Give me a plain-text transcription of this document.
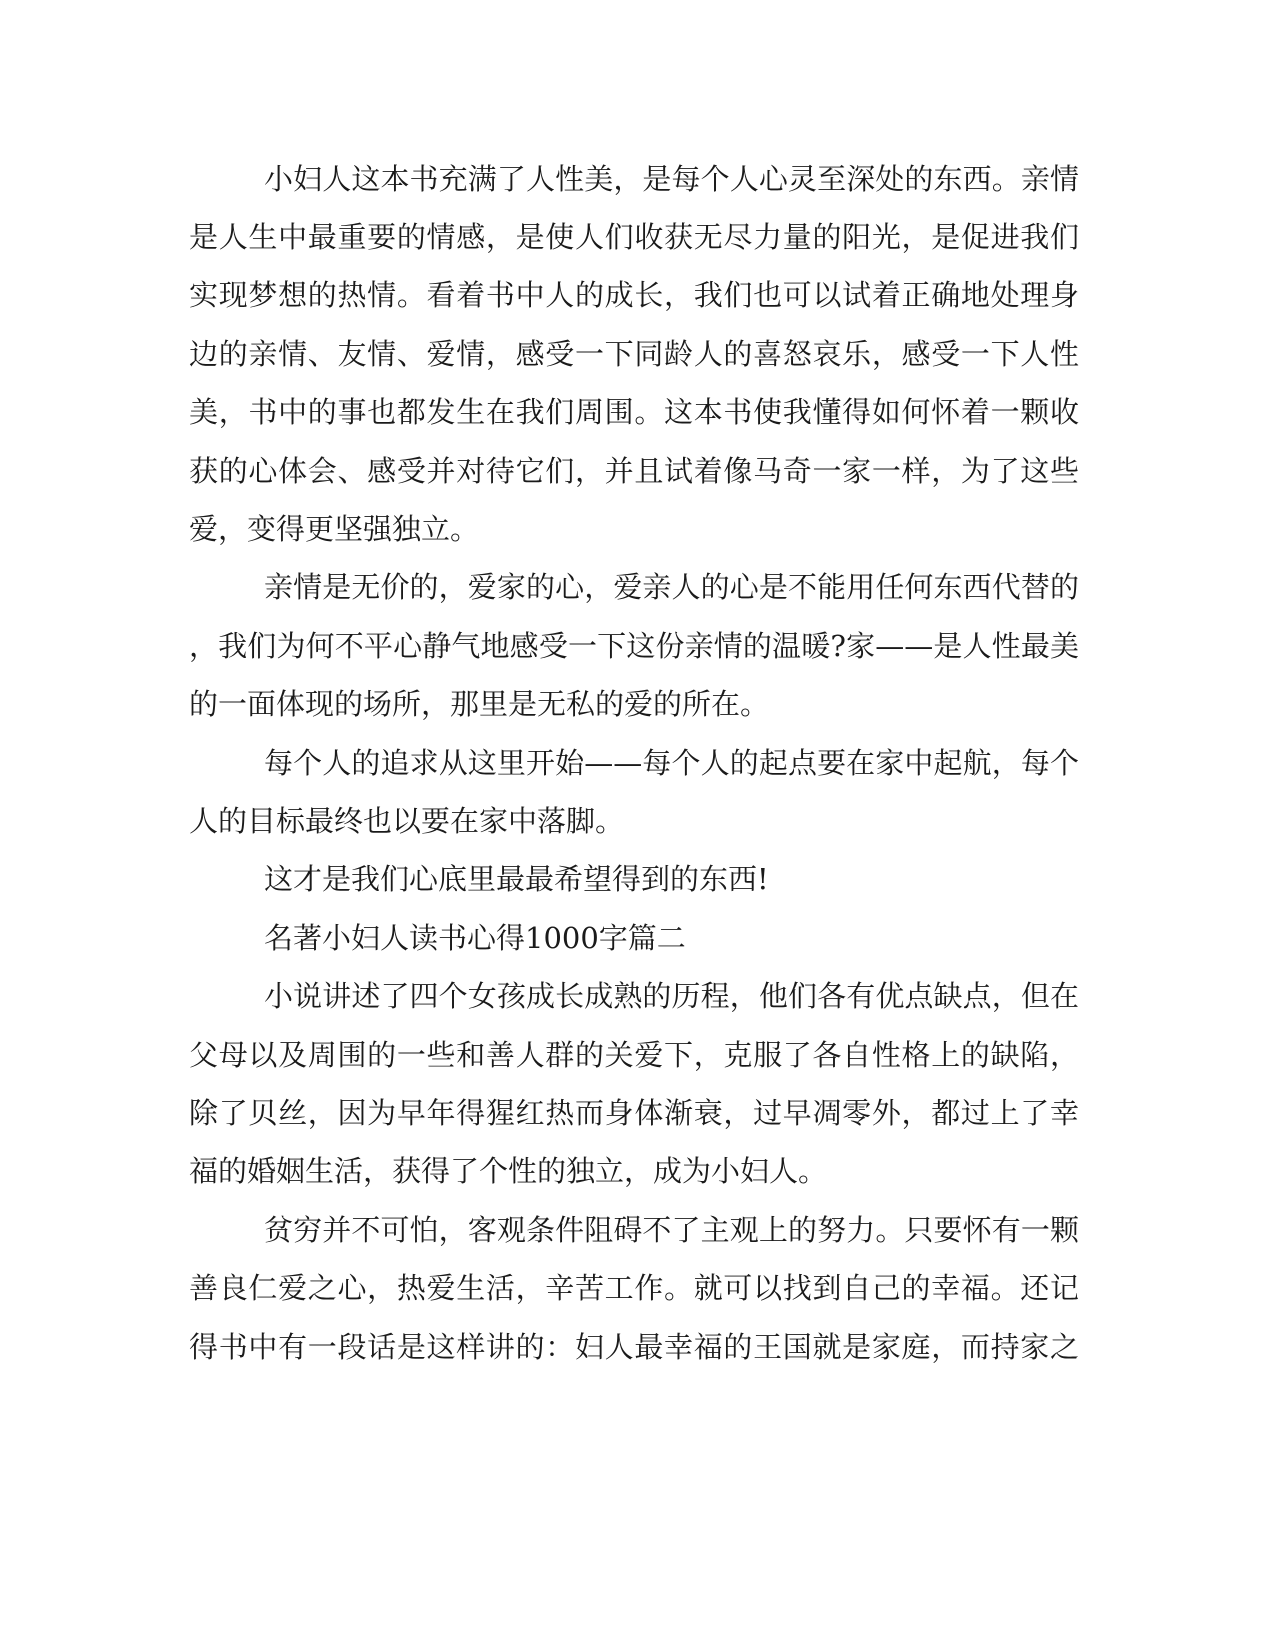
小妇人这本书充满了人性美，是每个人心灵至深处的东西。亲情
是人生中最重要的情感，是使人们收获无尽力量的阳光，是促进我们
实现梦想的热情。看着书中人的成长，我们也可以试着正确地处理身
边的亲情、友情、爱情，感受一下同龄人的喜怒哀乐，感受一下人性
美，书中的事也都发生在我们周围。这本书使我懂得如何怀着一颗收
获的心体会、感受并对待它们，并且试着像马奇一家一样，为了这些
爱，变得更坚强独立。
亲情是无价的，爱家的心，爱亲人的心是不能用任何东西代替的
，我们为何不平心静气地感受一下这份亲情的温暖?家——是人性最美
的一面体现的场所，那里是无私的爱的所在。
每个人的追求从这里开始——每个人的起点要在家中起航，每个
人的目标最终也以要在家中落脚。
这才是我们心底里最最希望得到的东西!
名著小妇人读书心得1000字篇二
小说讲述了四个女孩成长成熟的历程，他们各有优点缺点，但在
父母以及周围的一些和善人群的关爱下，克服了各自性格上的缺陷，
除了贝丝，因为早年得猩红热而身体渐衰，过早凋零外，都过上了幸
福的婚姻生活，获得了个性的独立，成为小妇人。
贫穷并不可怕，客观条件阻碍不了主观上的努力。只要怀有一颗
善良仁爱之心，热爱生活，辛苦工作。就可以找到自己的幸福。还记
得书中有一段话是这样讲的：妇人最幸福的王国就是家庭，而持家之
